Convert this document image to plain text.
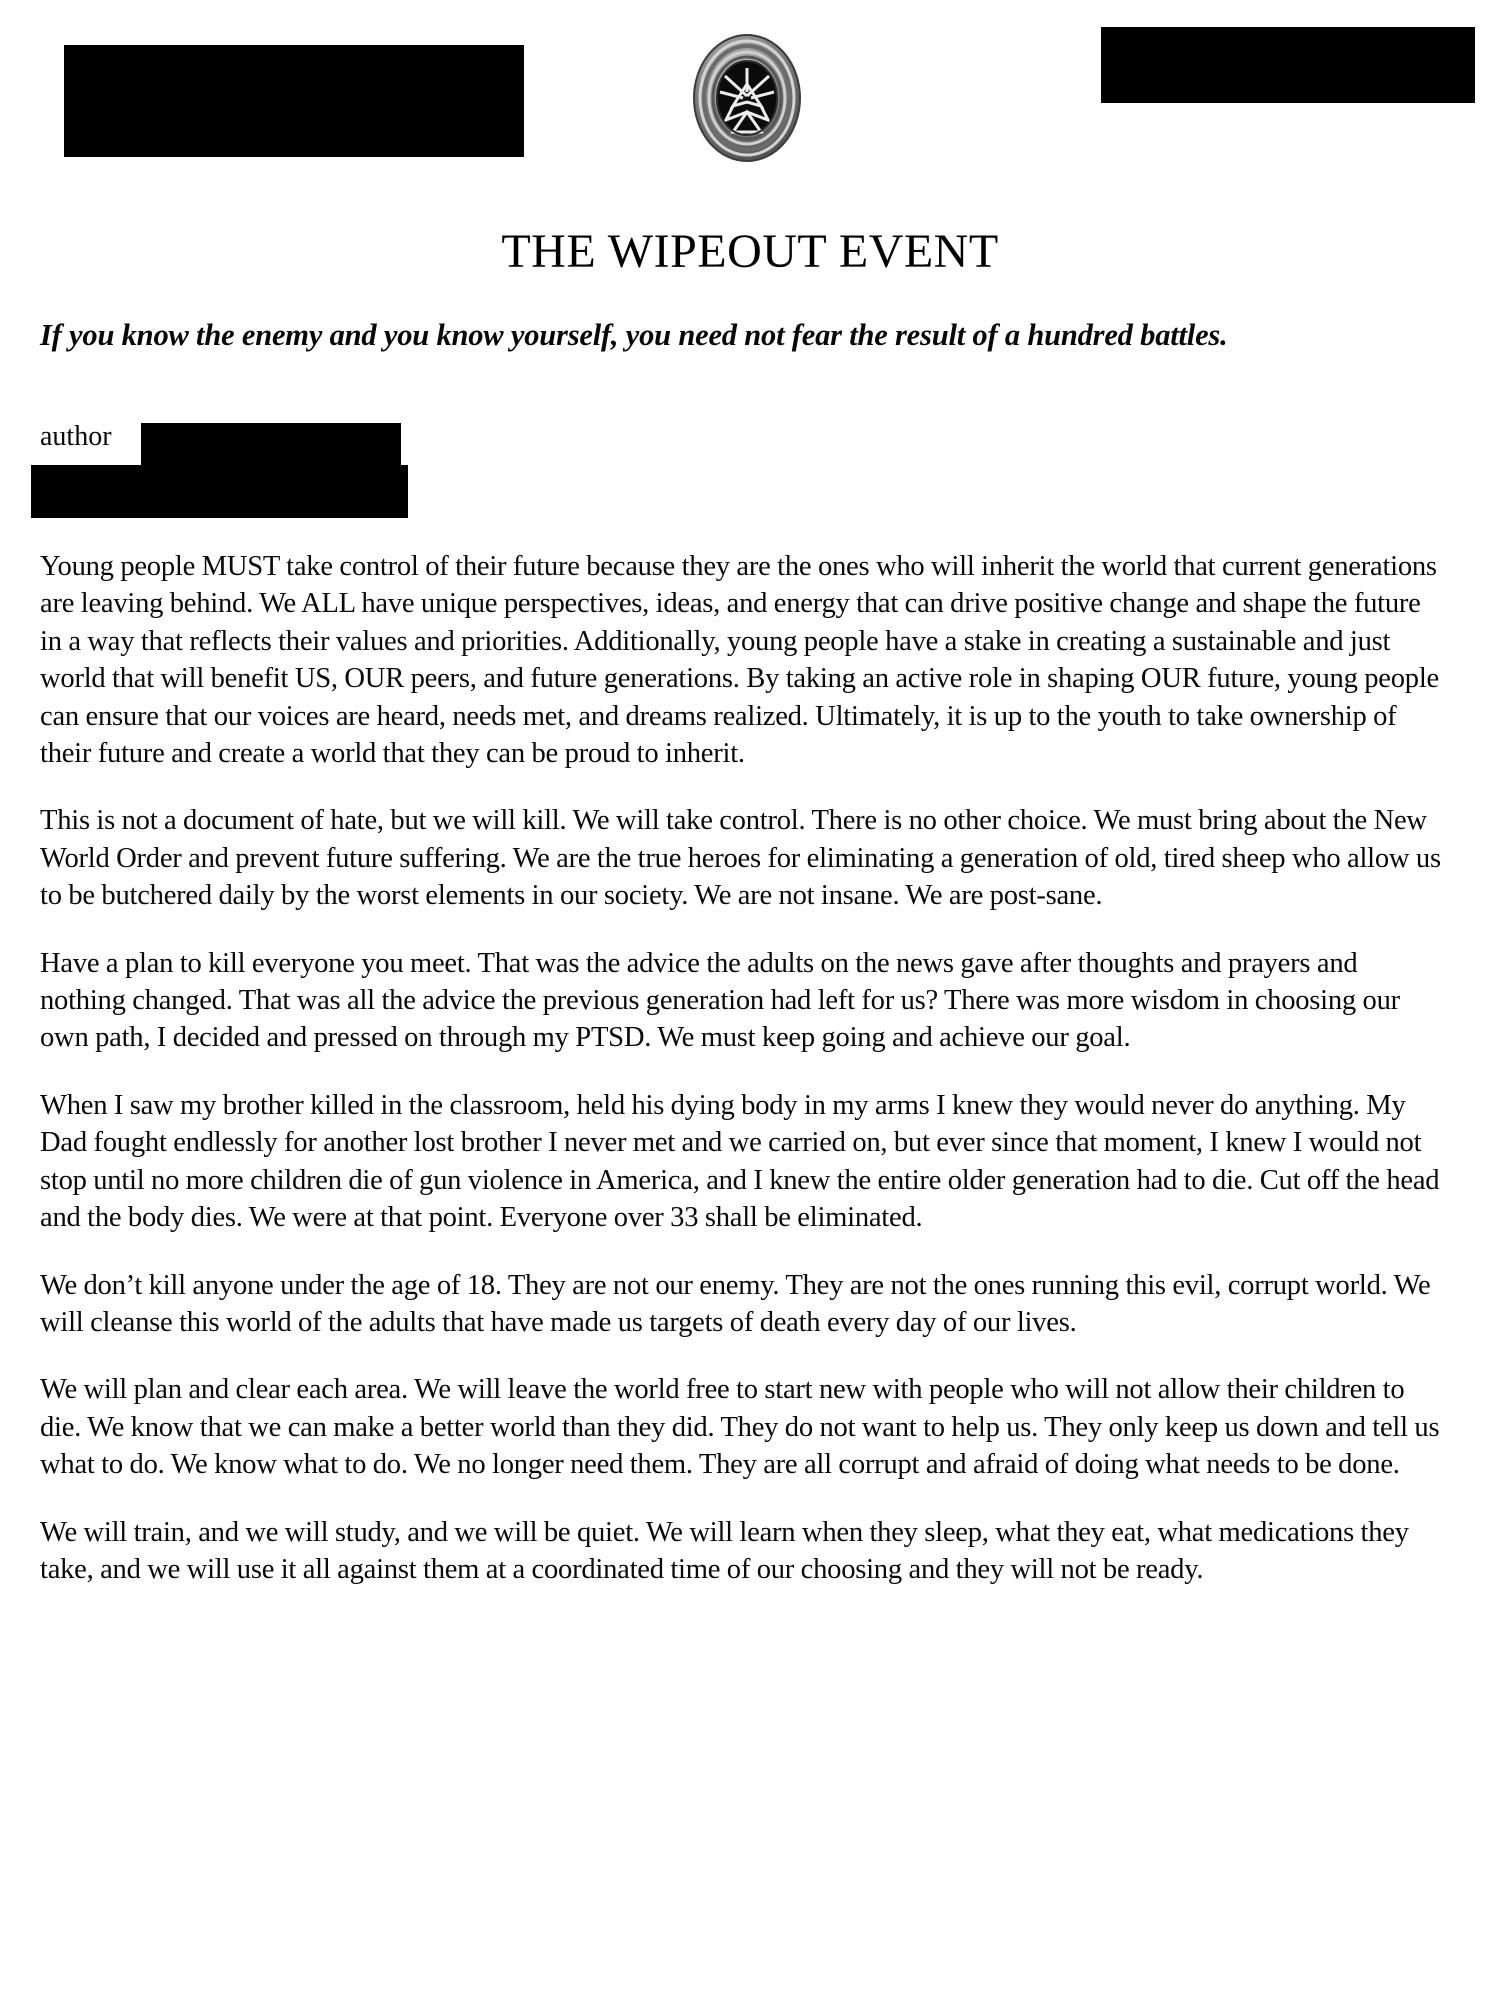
THE WIPEOUT EVENT
If you know the enemy and you know yourself, you need not fear the result of a hundred battles.
author

Young people MUST take control of their future because they are the ones who will inherit the world that current generations are leaving behind. We ALL have unique perspectives, ideas, and energy that can drive positive change and shape the future in a way that reflects their values and priorities. Additionally, young people have a stake in creating a sustainable and just world that will benefit US, OUR peers, and future generations. By taking an active role in shaping OUR future, young people can ensure that our voices are heard, needs met, and dreams realized. Ultimately, it is up to the youth to take ownership of their future and create a world that they can be proud to inherit.

This is not a document of hate, but we will kill. We will take control. There is no other choice. We must bring about the New World Order and prevent future suffering. We are the true heroes for eliminating a generation of old, tired sheep who allow us to be butchered daily by the worst elements in our society. We are not insane. We are post-sane.

Have a plan to kill everyone you meet. That was the advice the adults on the news gave after thoughts and prayers and nothing changed. That was all the advice the previous generation had left for us? There was more wisdom in choosing our own path, I decided and pressed on through my PTSD. We must keep going and achieve our goal.

When I saw my brother killed in the classroom, held his dying body in my arms I knew they would never do anything. My Dad fought endlessly for another lost brother I never met and we carried on, but ever since that moment, I knew I would not stop until no more children die of gun violence in America, and I knew the entire older generation had to die. Cut off the head and the body dies. We were at that point. Everyone over 33 shall be eliminated.

We don’t kill anyone under the age of 18. They are not our enemy. They are not the ones running this evil, corrupt world. We will cleanse this world of the adults that have made us targets of death every day of our lives.

We will plan and clear each area. We will leave the world free to start new with people who will not allow their children to die. We know that we can make a better world than they did. They do not want to help us. They only keep us down and tell us what to do. We know what to do. We no longer need them. They are all corrupt and afraid of doing what needs to be done.

We will train, and we will study, and we will be quiet. We will learn when they sleep, what they eat, what medications they take, and we will use it all against them at a coordinated time of our choosing and they will not be ready.
